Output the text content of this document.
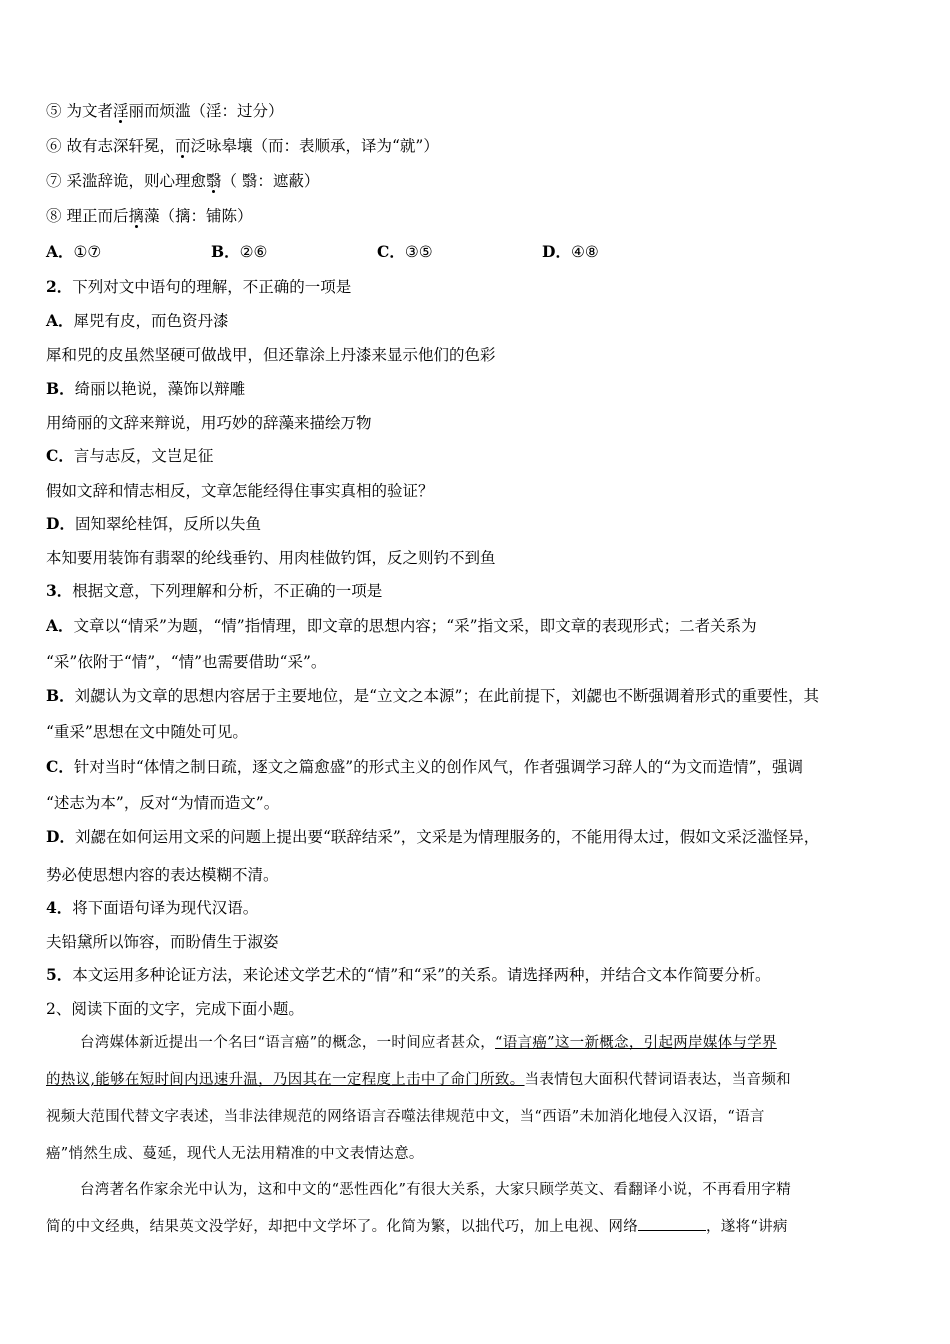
⑤ 为文者淫丽而烦滥（淫：过分）
⑥ 故有志深轩冕，而泛咏皋壤（而：表顺承，译为“就”）
⑦ 采滥辞诡，则心理愈翳（ 翳：遮蔽）
⑧ 理正而后摛藻（摛：铺陈）
A．①⑦	B．②⑥	C．③⑤	D．④⑧
2．下列对文中语句的理解，不正确的一项是
A．犀兕有皮，而色资丹漆
犀和兕的皮虽然坚硬可做战甲，但还靠涂上丹漆来显示他们的色彩
B．绮丽以艳说，藻饰以辩雕
用绮丽的文辞来辩说，用巧妙的辞藻来描绘万物
C．言与志反，文岂足征
假如文辞和情志相反，文章怎能经得住事实真相的验证？
D．固知翠纶桂饵，反所以失鱼
本知要用装饰有翡翠的纶线垂钓、用肉桂做钓饵，反之则钓不到鱼
3．根据文意，下列理解和分析，不正确的一项是
A．文章以“情采”为题，“情”指情理，即文章的思想内容；“采”指文采，即文章的表现形式；二者关系为
“采”依附于“情”，“情”也需要借助“采”。
B．刘勰认为文章的思想内容居于主要地位，是“立文之本源”；在此前提下，刘勰也不断强调着形式的重要性，其
“重采”思想在文中随处可见。
C．针对当时“体情之制日疏，逐文之篇愈盛”的形式主义的创作风气，作者强调学习辞人的“为文而造情”，强调
“述志为本”，反对“为情而造文”。
D．刘勰在如何运用文采的问题上提出要“联辞结采”，文采是为情理服务的，不能用得太过，假如文采泛滥怪异，
势必使思想内容的表达模糊不清。
4．将下面语句译为现代汉语。
夫铅黛所以饰容，而盼倩生于淑姿
5．本文运用多种论证方法，来论述文学艺术的“情”和“采”的关系。请选择两种，并结合文本作简要分析。
2、阅读下面的文字，完成下面小题。
台湾媒体新近提出一个名曰“语言癌”的概念，一时间应者甚众，“语言癌”这一新概念，引起两岸媒体与学界
的热议,能够在短时间内迅速升温，乃因其在一定程度上击中了命门所致。当表情包大面积代替词语表达，当音频和
视频大范围代替文字表述，当非法律规范的网络语言吞噬法律规范中文，当“西语”未加消化地侵入汉语，“语言
癌”悄然生成、蔓延，现代人无法用精准的中文表情达意。
台湾著名作家余光中认为，这和中文的“恶性西化”有很大关系，大家只顾学英文、看翻译小说，不再看用字精
简的中文经典，结果英文没学好，却把中文学坏了。化简为繁，以拙代巧，加上电视、网络	，遂将“讲病
